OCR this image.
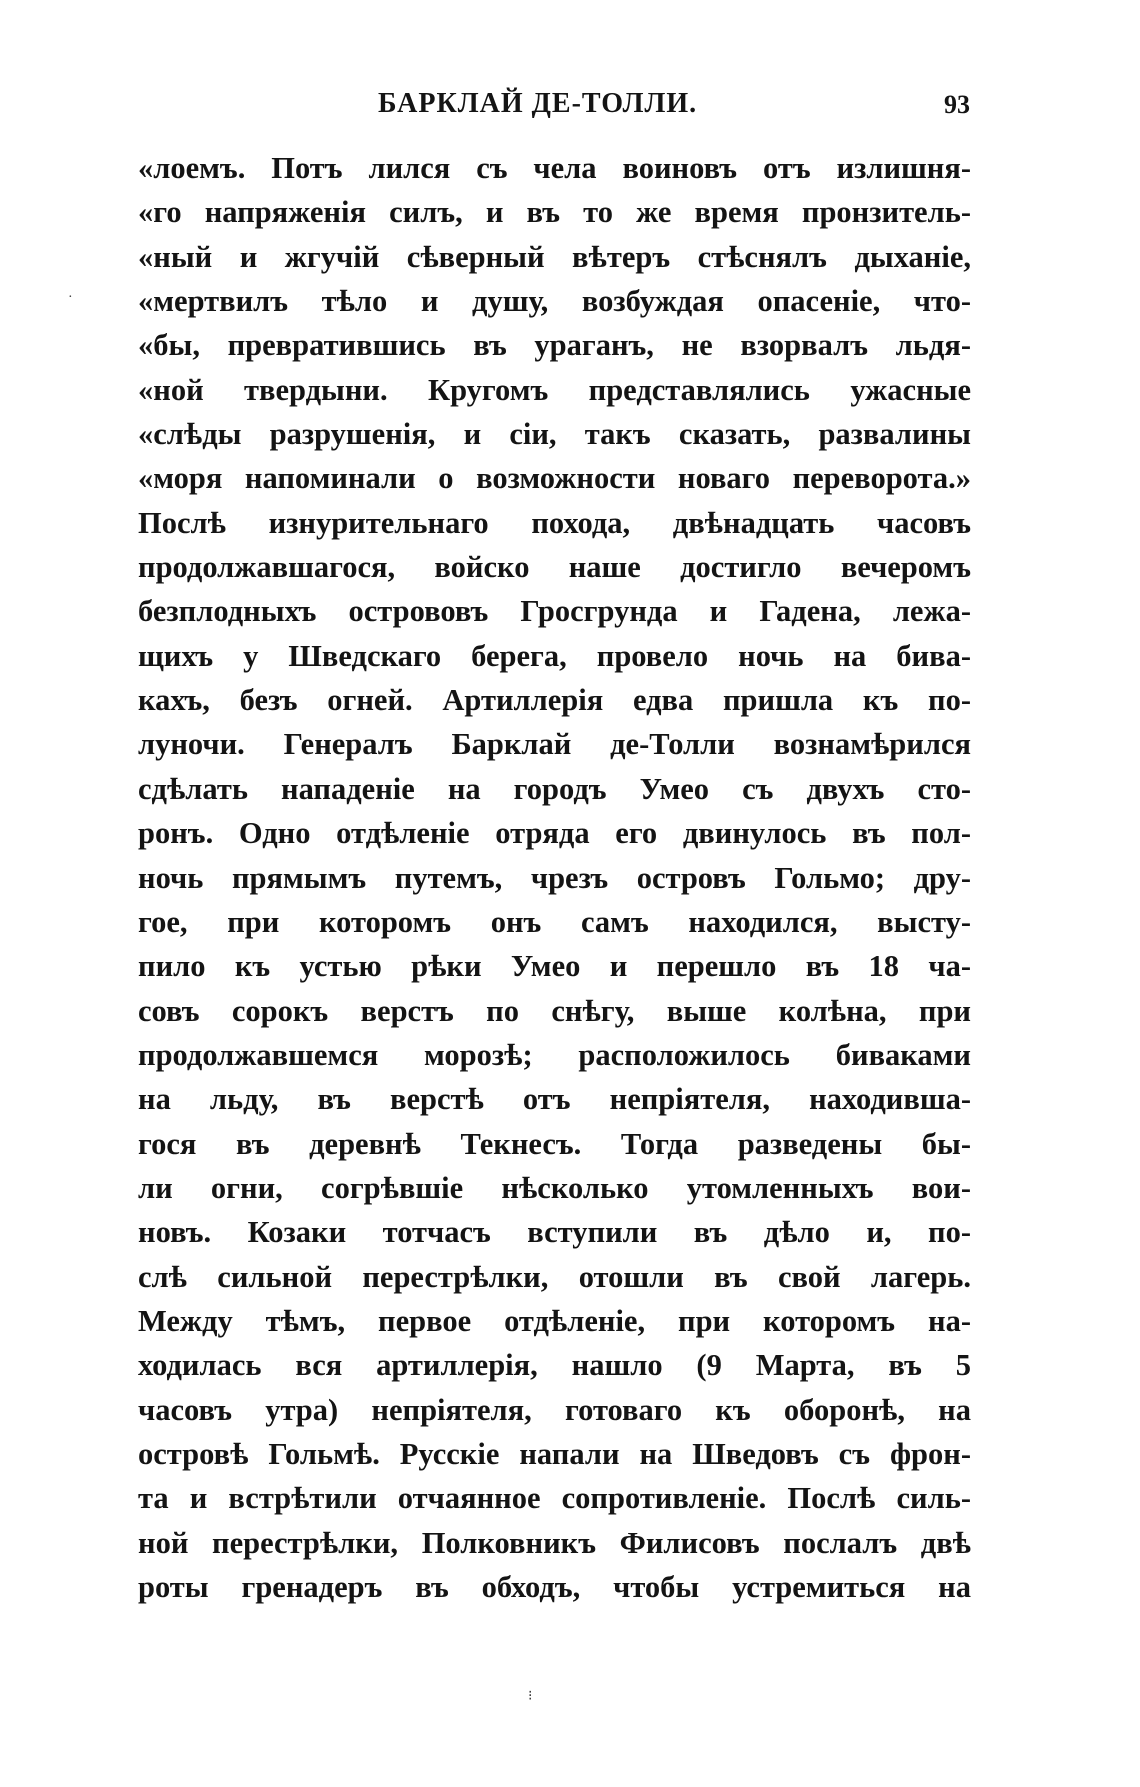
БАРКЛАЙ ДЕ-ТОЛЛИ.	93
«лоемъ. Потъ лился съ чела воиновъ отъ излишня-
«го напряженiя силъ, и въ то же время пронзитель-
«ный и жгучiй сѣверный вѣтеръ стѣснялъ дыханiе,
«мертвилъ тѣло и душу, возбуждая опасенiе, что-
«бы, превратившись въ ураганъ, не взорвалъ льдя-
«ной твердыни. Кругомъ представлялись ужасные
«слѣды разрушенiя, и сiи, такъ сказать, развалины
«моря напоминали о возможности новаго переворота.»
Послѣ изнурительнаго похода, двѣнадцать часовъ
продолжавшагося, войско наше достигло вечеромъ
безплодныхъ острововъ Гросгрунда и Гадена, лежа-
щихъ у Шведскаго берега, провело ночь на бива-
кахъ, безъ огней. Артиллерiя едва пришла къ по-
луночи. Генералъ Барклай де-Толли вознамѣрился
сдѣлать нападенiе на городъ Умео съ двухъ сто-
ронъ. Одно отдѣленiе отряда его двинулось въ пол-
ночь прямымъ путемъ, чрезъ островъ Гольмо; дру-
гое, при которомъ онъ самъ находился, высту-
пило къ устью рѣки Умео и перешло въ 18 ча-
совъ сорокъ верстъ по снѣгу, выше колѣна, при
продолжавшемся морозѣ; расположилось биваками
на льду, въ верстѣ отъ непрiятеля, находивша-
гося въ деревнѣ Текнесъ. Тогда разведены бы-
ли огни, согрѣвшiе нѣсколько утомленныхъ вои-
новъ. Козаки тотчасъ вступили въ дѣло и, по-
слѣ сильной перестрѣлки, отошли въ свой лагерь.
Между тѣмъ, первое отдѣленiе, при которомъ на-
ходилась вся артиллерiя, нашло (9 Марта, въ 5
часовъ утра) непрiятеля, готоваго къ оборонѣ, на
островѣ Гольмѣ. Русскiе напали на Шведовъ съ фрон-
та и встрѣтили отчаянное сопротивленiе. Послѣ силь-
ной перестрѣлки, Полковникъ Филисовъ послалъ двѣ
роты гренадеръ въ обходъ, чтобы устремиться на
·
⁝
